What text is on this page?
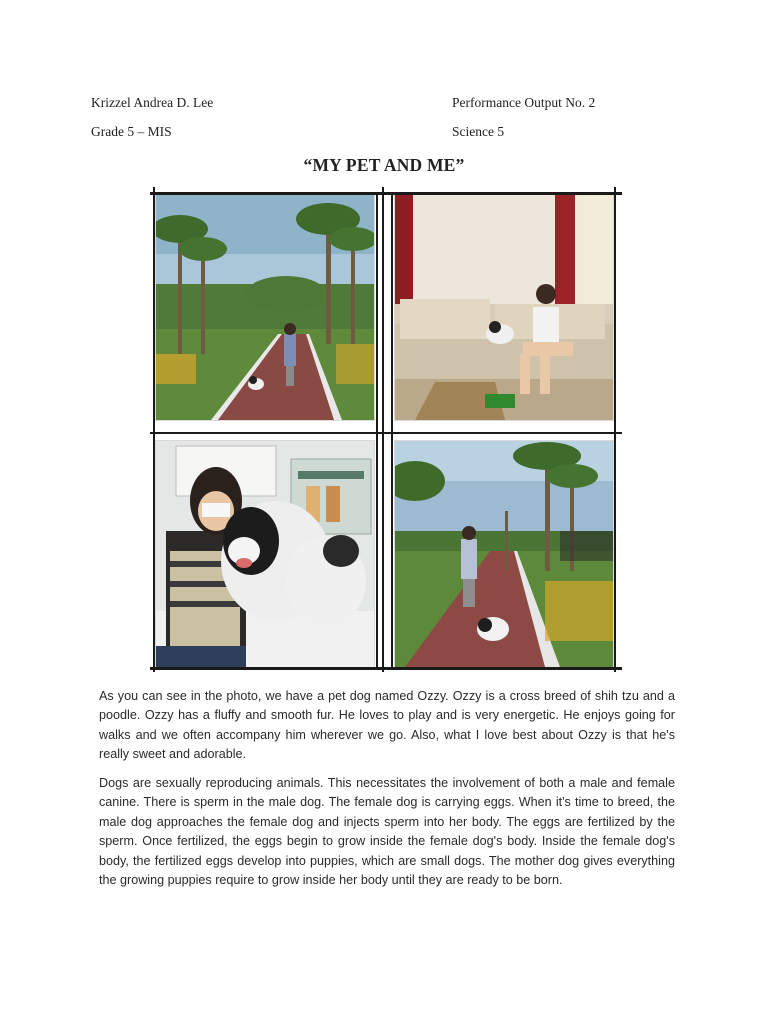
Krizzel Andrea D. Lee	Performance Output No. 2
Grade 5 – MIS	Science 5
“MY PET AND ME”

As you can see in the photo, we have a pet dog named Ozzy. Ozzy is a cross breed of shih tzu and a poodle. Ozzy has a fluffy and smooth fur. He loves to play and is very energetic. He enjoys going for walks and we often accompany him wherever we go. Also, what I love best about Ozzy is that he's really sweet and adorable.

Dogs are sexually reproducing animals. This necessitates the involvement of both a male and female canine. There is sperm in the male dog. The female dog is carrying eggs. When it's time to breed, the male dog approaches the female dog and injects sperm into her body. The eggs are fertilized by the sperm. Once fertilized, the eggs begin to grow inside the female dog's body. Inside the female dog's body, the fertilized eggs develop into puppies, which are small dogs. The mother dog gives everything the growing puppies require to grow inside her body until they are ready to be born.
